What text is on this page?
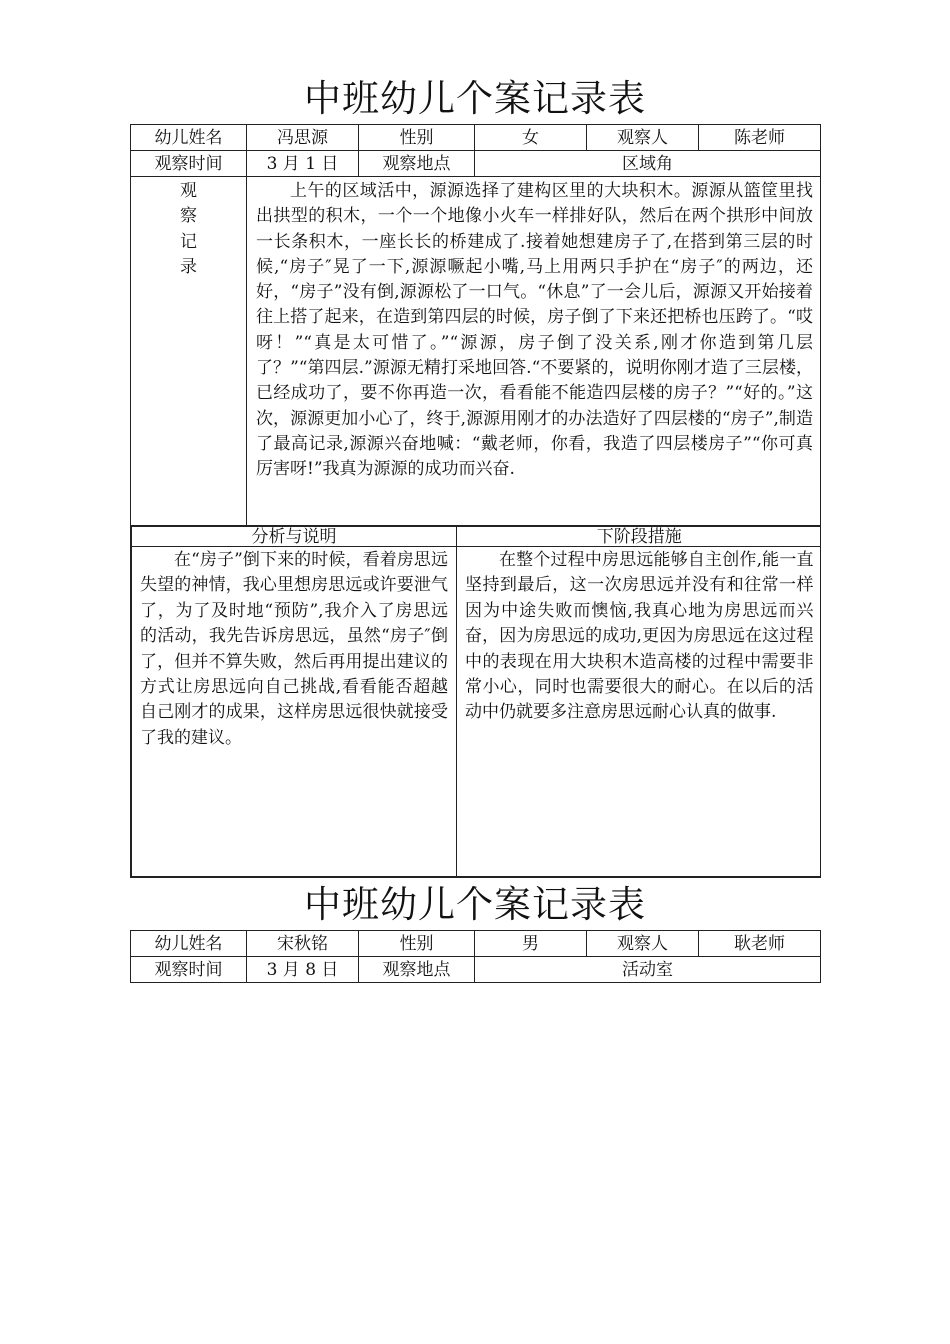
中班幼儿个案记录表
幼儿姓名	冯思源	性别	女	观察人	陈老师
观察时间	3 月 1 日	观察地点	区域角

观
察
记
录
	上午的区域活中，源源选择了建构区里的大块积木。源源从篮筐里找出拱型的积木，一个一个地像小火车一样排好队，然后在两个拱形中间放一长条积木，一座长长的桥建成了.接着她想建房子了,在搭到第三层的时候,“房子″晃了一下,源源噘起小嘴,马上用两只手护在“房子″的两边，还好，“房子”没有倒,源源松了一口气。“休息”了一会儿后，源源又开始接着往上搭了起来，在造到第四层的时候，房子倒了下来还把桥也压跨了。“哎呀！”“真是太可惜了。”“源源，房子倒了没关系,刚才你造到第几层了？”“第四层.”源源无精打采地回答.“不要紧的，说明你刚才造了三层楼，已经成功了，要不你再造一次，看看能不能造四层楼的房子？”“好的。”这次，源源更加小心了，终于,源源用刚才的办法造好了四层楼的“房子”,制造了最高记录,源源兴奋地喊：“戴老师，你看，我造了四层楼房子”“你可真厉害呀!”我真为源源的成功而兴奋.

分析与说明	下阶段措施
在“房子”倒下来的时候，看着房思远失望的神情，我心里想房思远或许要泄气了，为了及时地“预防”,我介入了房思远的活动，我先告诉房思远，虽然“房子″倒了，但并不算失败，然后再用提出建议的方式让房思远向自己挑战,看看能否超越自己刚才的成果，这样房思远很快就接受了我的建议。	在整个过程中房思远能够自主创作,能一直坚持到最后，这一次房思远并没有和往常一样因为中途失败而懊恼,我真心地为房思远而兴奋，因为房思远的成功,更因为房思远在这过程中的表现在用大块积木造高楼的过程中需要非常小心，同时也需要很大的耐心。在以后的活动中仍就要多注意房思远耐心认真的做事.
中班幼儿个案记录表
幼儿姓名	宋秋铭	性别	男	观察人	耿老师
观察时间	3 月 8 日	观察地点	活动室		
